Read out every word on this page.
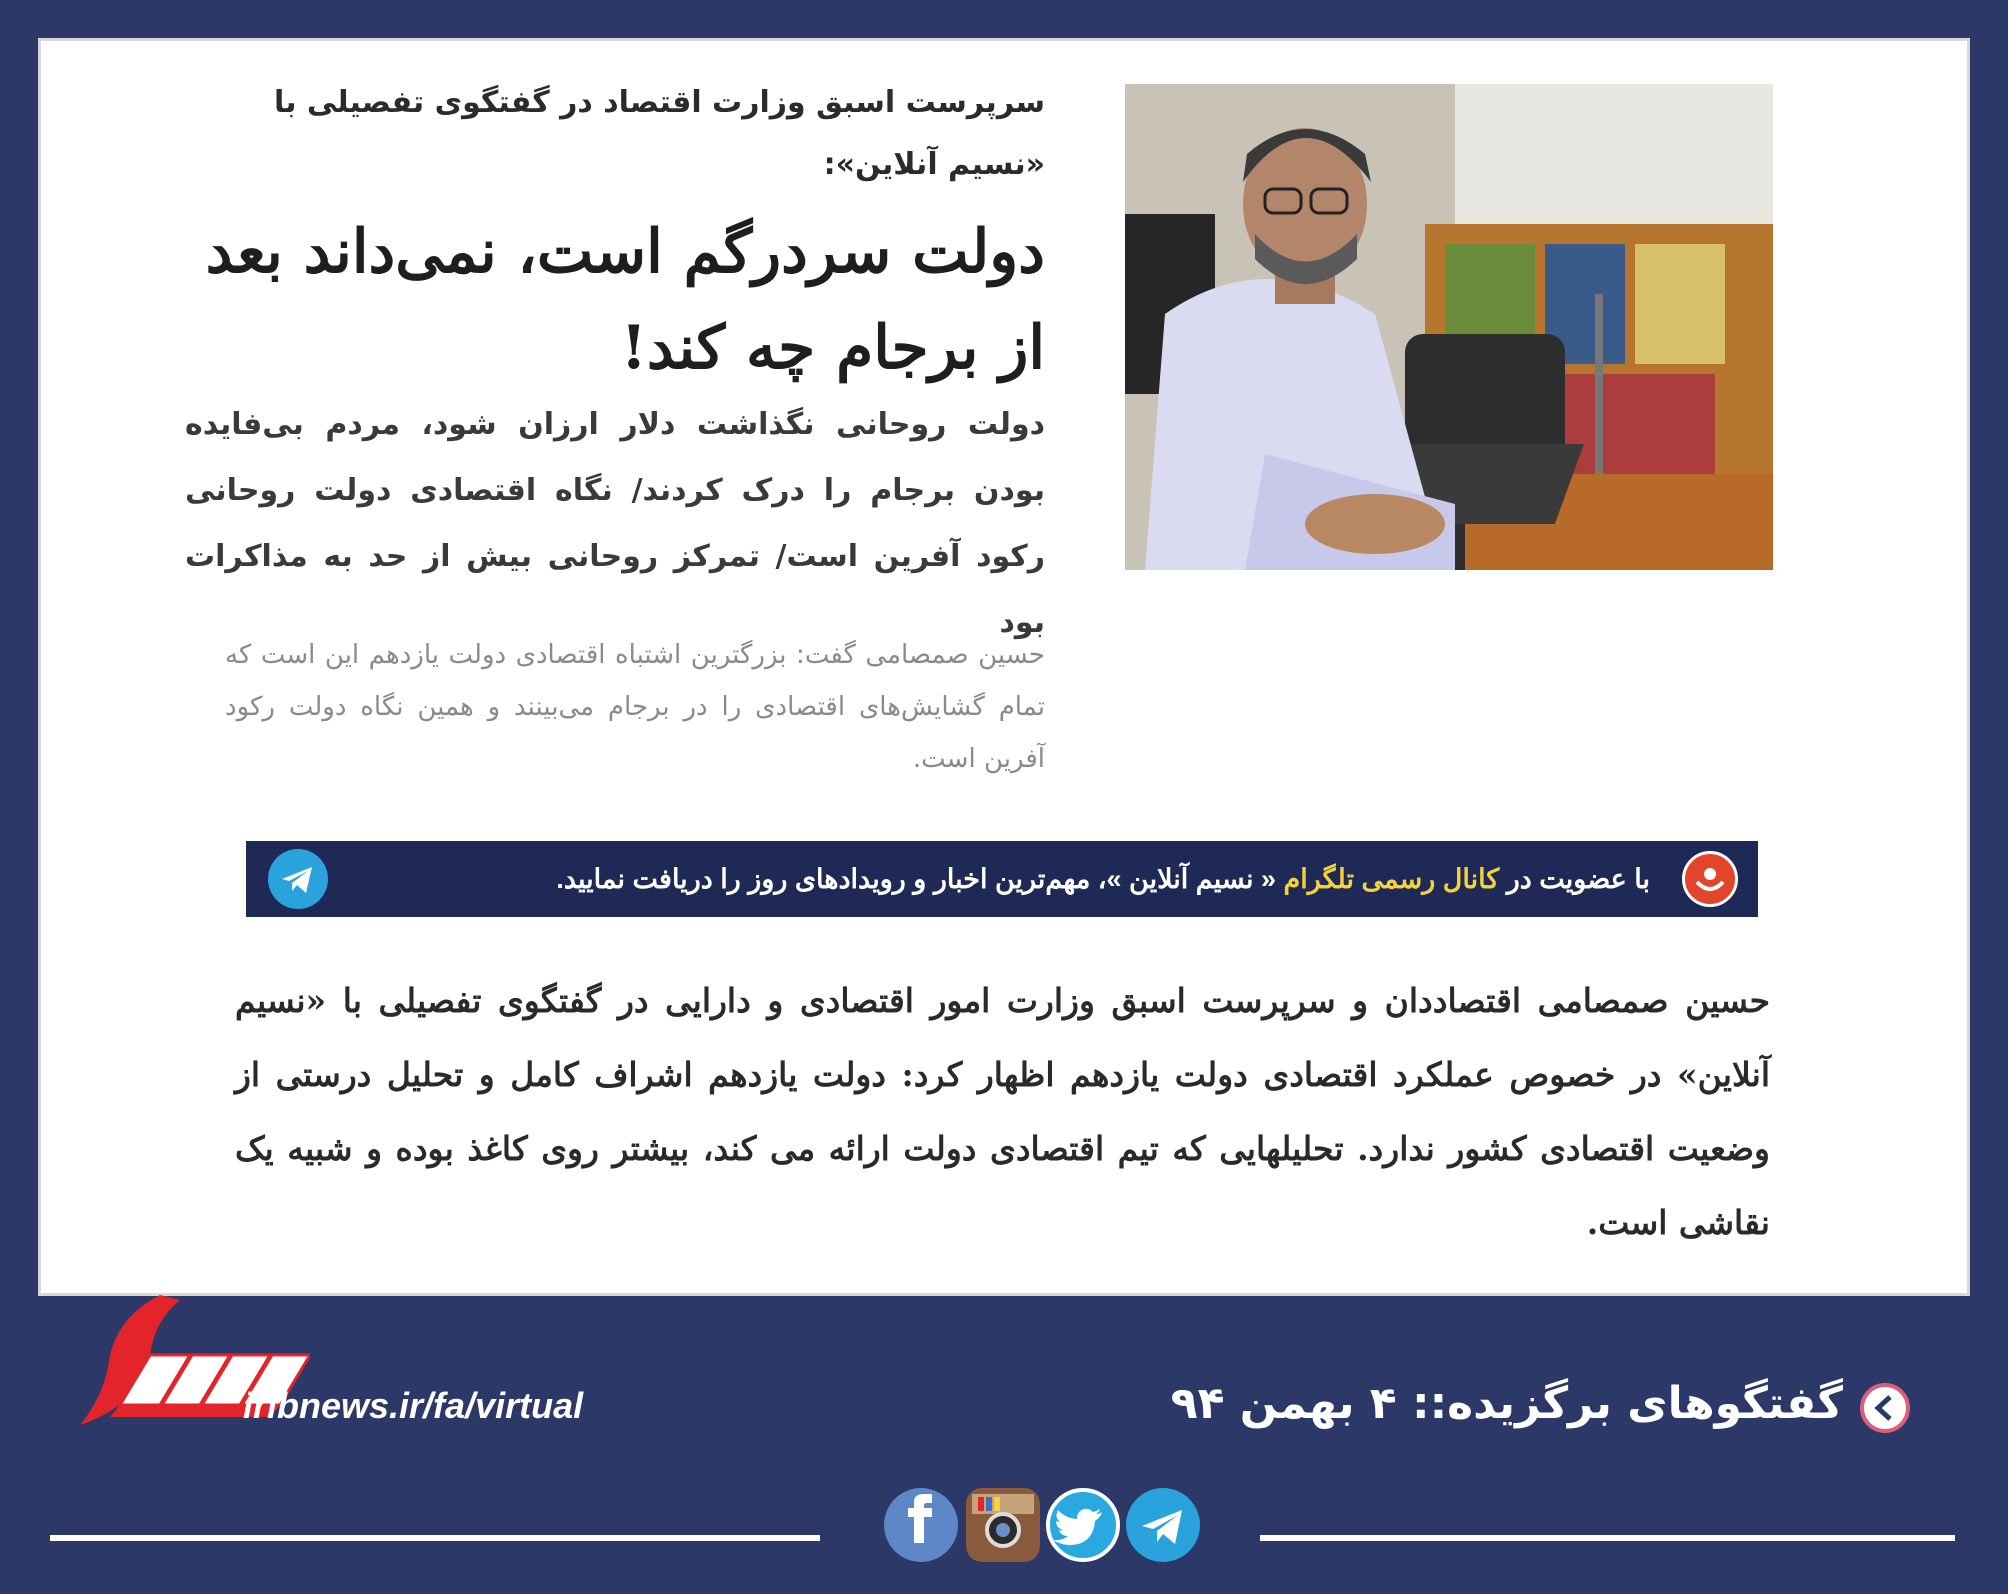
سرپرست اسبق وزارت اقتصاد در گفتگوی تفصیلی با «نسیم آنلاین»:
دولت سردرگم است، نمی‌داند بعد از برجام چه کند!
دولت روحانی نگذاشت دلار ارزان شود، مردم بی‌فایده بودن برجام را درک کردند/ نگاه اقتصادی دولت روحانی رکود آفرین است/ تمرکز روحانی بیش از حد به مذاکرات بود
حسین صمصامی گفت: بزرگترین اشتباه اقتصادی دولت یازدهم این است که تمام گشایش‌های اقتصادی را در برجام می‌بینند و همین نگاه دولت رکود آفرین است.
با عضویت در کانال رسمی تلگرام « نسیم آنلاین »، مهم‌ترین اخبار و رویدادهای روز را دریافت نمایید.
حسین صمصامی اقتصاددان و سرپرست اسبق وزارت امور اقتصادی و دارایی در گفتگوی تفصیلی با «نسیم آنلاین» در خصوص عملکرد اقتصادی دولت یازدهم اظهار کرد: دولت یازدهم اشراف کامل و تحلیل درستی از وضعیت اقتصادی کشور ندارد. تحلیلهایی که تیم اقتصادی دولت ارائه می کند، بیشتر روی کاغذ بوده و شبیه یک نقاشی است.
iribnews.ir/fa/virtual	گفتگوهای برگزیده:: ۴ بهمن ۹۴
